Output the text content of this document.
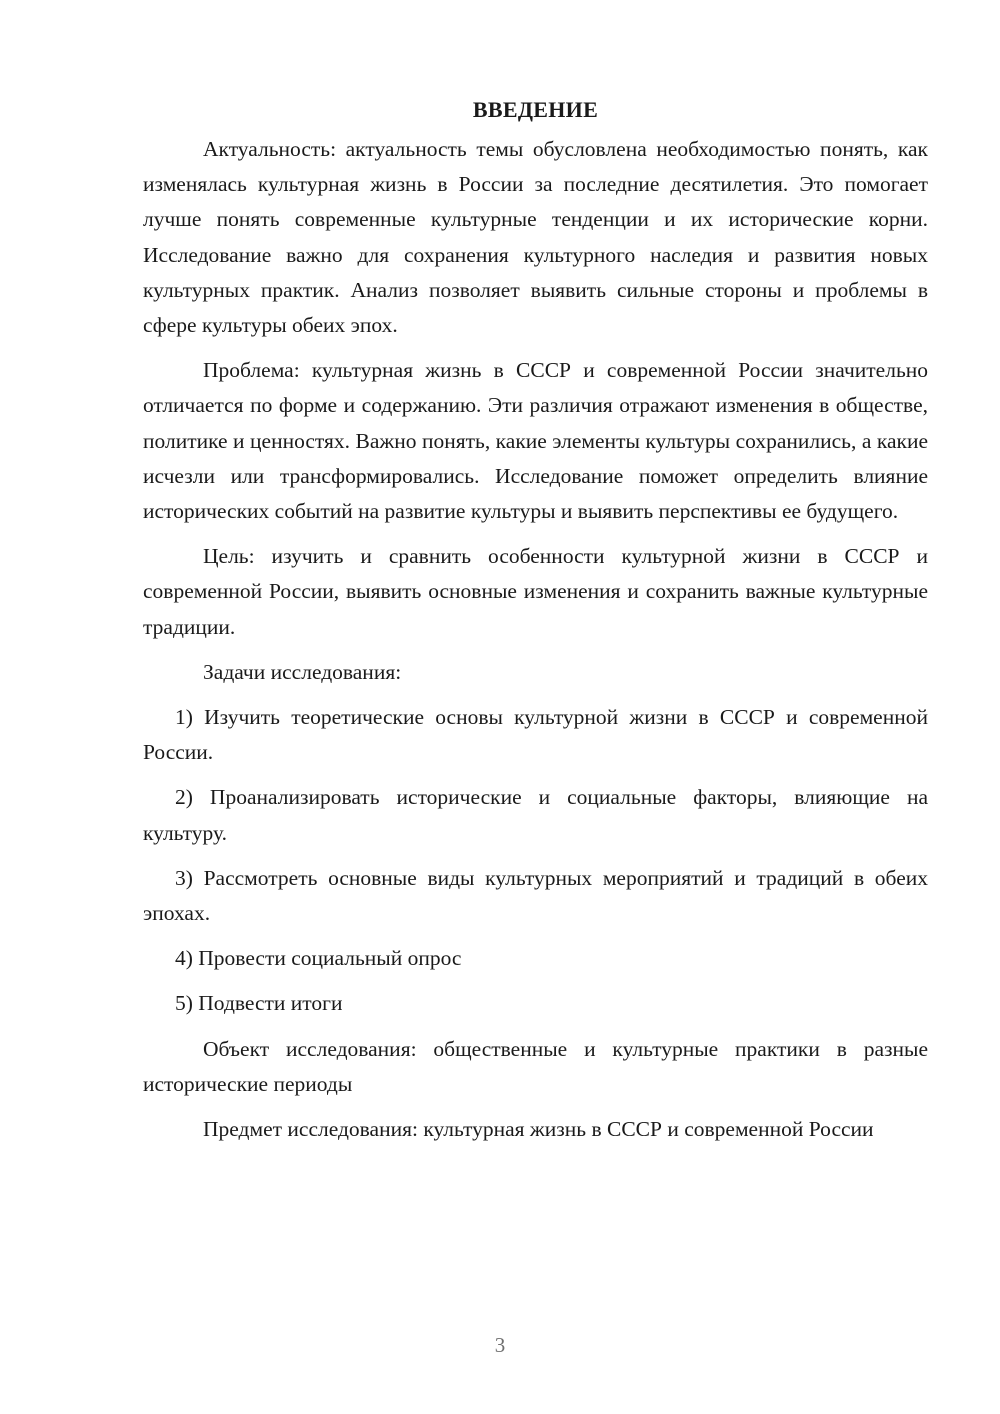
ВВЕДЕНИЕ

Актуальность: актуальность темы обусловлена необходимостью понять, как изменялась культурная жизнь в России за последние десятилетия. Это помогает лучше понять современные культурные тенденции и их исторические корни. Исследование важно для сохранения культурного наследия и развития новых культурных практик. Анализ позволяет выявить сильные стороны и проблемы в сфере культуры обеих эпох.

Проблема: культурная жизнь в СССР и современной России значительно отличается по форме и содержанию. Эти различия отражают изменения в обществе, политике и ценностях. Важно понять, какие элементы культуры сохранились, а какие исчезли или трансформировались. Исследование поможет определить влияние исторических событий на развитие культуры и выявить перспективы ее будущего.

Цель: изучить и сравнить особенности культурной жизни в СССР и современной России, выявить основные изменения и сохранить важные культурные традиции.

Задачи исследования:

1) Изучить теоретические основы культурной жизни в СССР и современной России.

2) Проанализировать исторические и социальные факторы, влияющие на культуру.

3) Рассмотреть основные виды культурных мероприятий и традиций в обеих эпохах.

4) Провести социальный опрос

5) Подвести итоги

Объект исследования: общественные и культурные практики в разные исторические периоды

Предмет исследования: культурная жизнь в СССР и современной России

3
